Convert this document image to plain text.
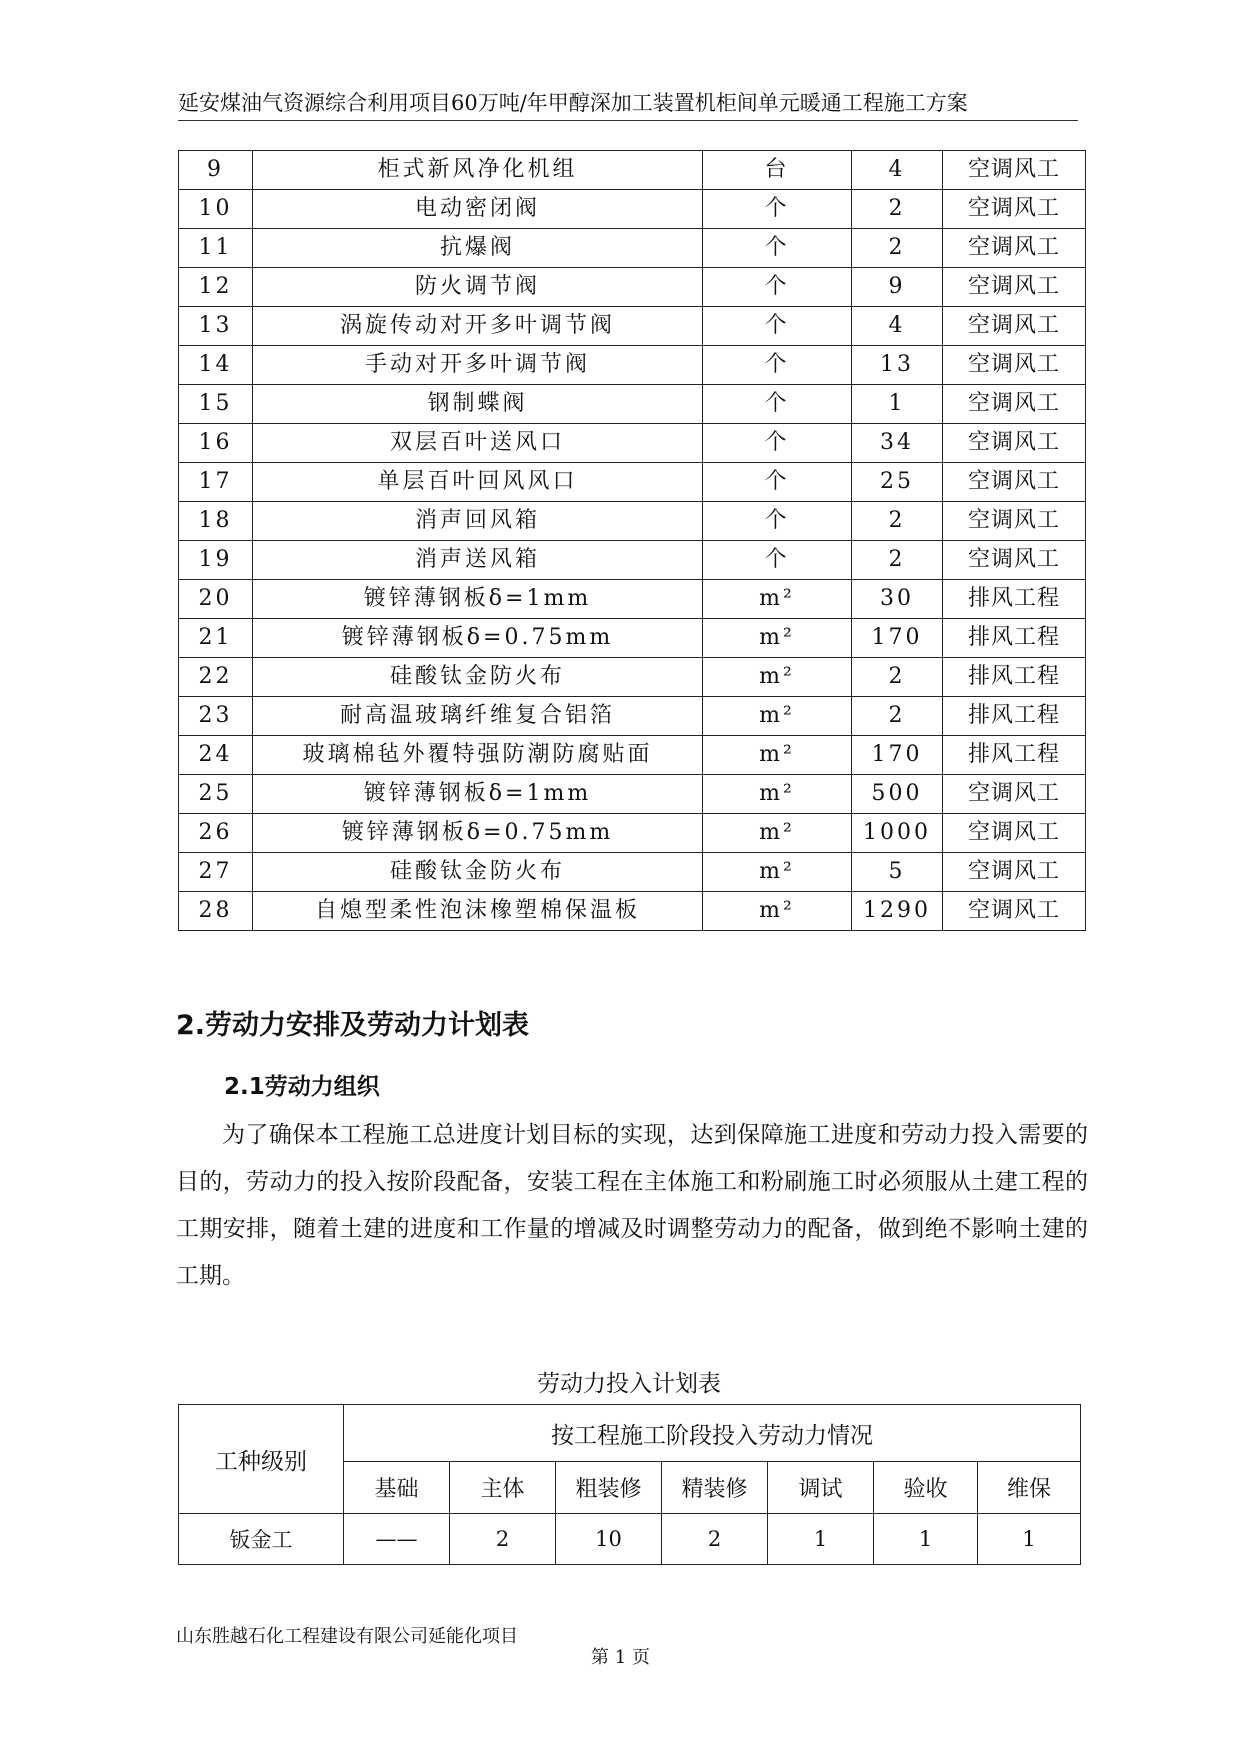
延安煤油气资源综合利用项目60万吨/年甲醇深加工装置机柜间单元暖通工程施工方案
9	柜式新风净化机组	台	4	空调风工
10	电动密闭阀	个	2	空调风工
11	抗爆阀	个	2	空调风工
12	防火调节阀	个	9	空调风工
13	涡旋传动对开多叶调节阀	个	4	空调风工
14	手动对开多叶调节阀	个	13	空调风工
15	钢制蝶阀	个	1	空调风工
16	双层百叶送风口	个	34	空调风工
17	单层百叶回风风口	个	25	空调风工
18	消声回风箱	个	2	空调风工
19	消声送风箱	个	2	空调风工
20	镀锌薄钢板δ=1mm	m²	30	排风工程
21	镀锌薄钢板δ=0.75mm	m²	170	排风工程
22	硅酸钛金防火布	m²	2	排风工程
23	耐高温玻璃纤维复合铝箔	m²	2	排风工程
24	玻璃棉毡外覆特强防潮防腐贴面	m²	170	排风工程
25	镀锌薄钢板δ=1mm	m²	500	空调风工
26	镀锌薄钢板δ=0.75mm	m²	1000	空调风工
27	硅酸钛金防火布	m²	5	空调风工
28	自熄型柔性泡沫橡塑棉保温板	m²	1290	空调风工
2.劳动力安排及劳动力计划表
2.1劳动力组织

为了确保本工程施工总进度计划目标的实现，达到保障施工进度和劳动力投入需要的目的，劳动力的投入按阶段配备，安装工程在主体施工和粉刷施工时必须服从土建工程的工期安排，随着土建的进度和工作量的增减及时调整劳动力的配备，做到绝不影响土建的工期。

劳动力投入计划表
工种级别	按工程施工阶段投入劳动力情况						
	基础	主体	粗装修	精装修	调试	验收	维保
钣金工	——	2	10	2	1	1	1
山东胜越石化工程建设有限公司延能化项目
第 1 页
